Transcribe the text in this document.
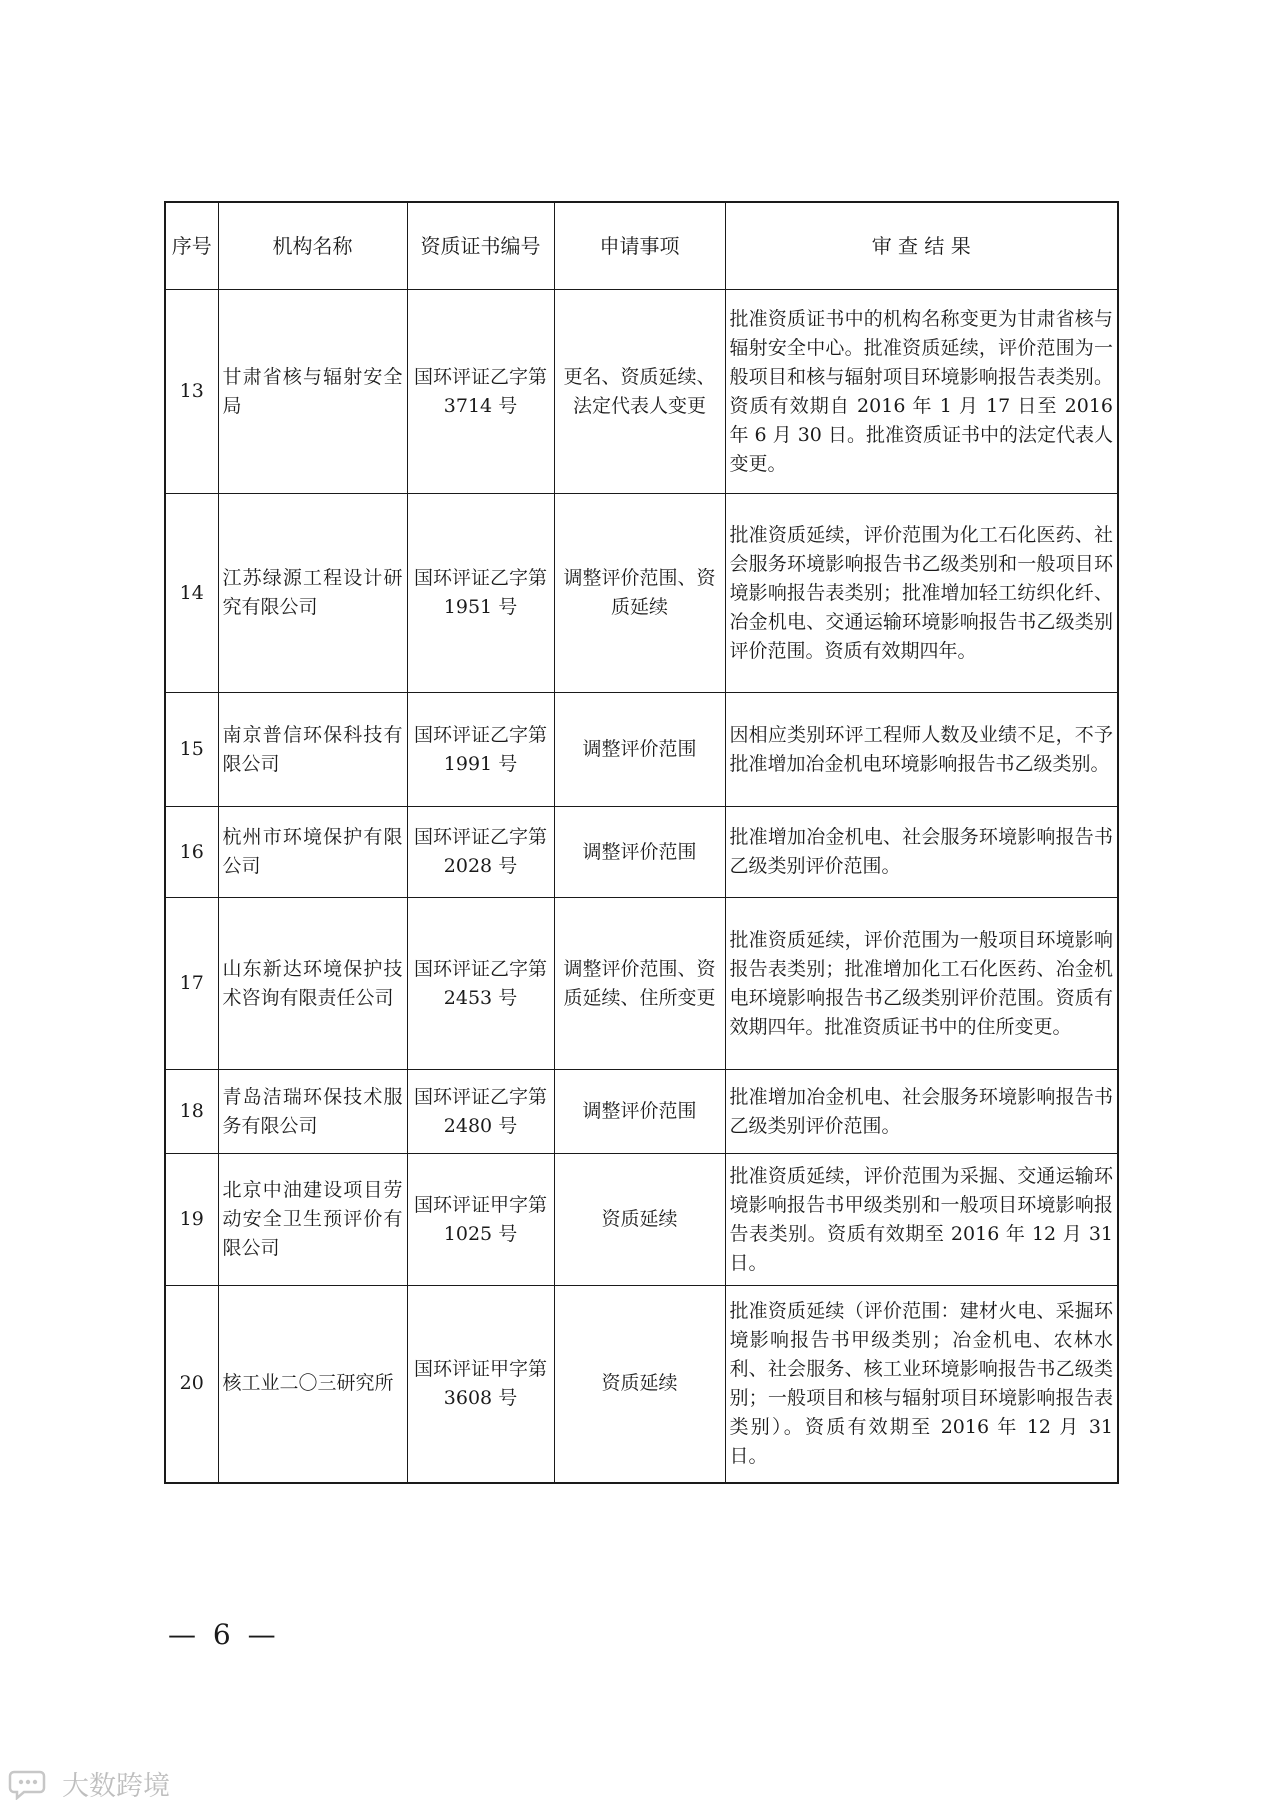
序号	机构名称	资质证书编号	申请事项	审 查 结 果
13	甘肃省核与辐射安全局	国环评证乙字第 3714 号	更名、资质延续、法定代表人变更	批准资质证书中的机构名称变更为甘肃省核与辐射安全中心。批准资质延续，评价范围为一般项目和核与辐射项目环境影响报告表类别。资质有效期自 2016 年 1 月 17 日至 2016 年 6 月 30 日。批准资质证书中的法定代表人变更。
14	江苏绿源工程设计研究有限公司	国环评证乙字第 1951 号	调整评价范围、资质延续	批准资质延续，评价范围为化工石化医药、社会服务环境影响报告书乙级类别和一般项目环境影响报告表类别；批准增加轻工纺织化纤、冶金机电、交通运输环境影响报告书乙级类别评价范围。资质有效期四年。
15	南京普信环保科技有限公司	国环评证乙字第 1991 号	调整评价范围	因相应类别环评工程师人数及业绩不足，不予批准增加冶金机电环境影响报告书乙级类别。
16	杭州市环境保护有限公司	国环评证乙字第 2028 号	调整评价范围	批准增加冶金机电、社会服务环境影响报告书乙级类别评价范围。
17	山东新达环境保护技术咨询有限责任公司	国环评证乙字第 2453 号	调整评价范围、资质延续、住所变更	批准资质延续，评价范围为一般项目环境影响报告表类别；批准增加化工石化医药、冶金机电环境影响报告书乙级类别评价范围。资质有效期四年。批准资质证书中的住所变更。
18	青岛洁瑞环保技术服务有限公司	国环评证乙字第 2480 号	调整评价范围	批准增加冶金机电、社会服务环境影响报告书乙级类别评价范围。
19	北京中油建设项目劳动安全卫生预评价有限公司	国环评证甲字第 1025 号	资质延续	批准资质延续，评价范围为采掘、交通运输环境影响报告书甲级类别和一般项目环境影响报告表类别。资质有效期至 2016 年 12 月 31 日。
20	核工业二〇三研究所	国环评证甲字第 3608 号	资质延续	批准资质延续（评价范围：建材火电、采掘环境影响报告书甲级类别；冶金机电、农林水利、社会服务、核工业环境影响报告书乙级类别；一般项目和核与辐射项目环境影响报告表类别）。资质有效期至 2016 年 12 月 31 日。
— 6 —
大数跨境
